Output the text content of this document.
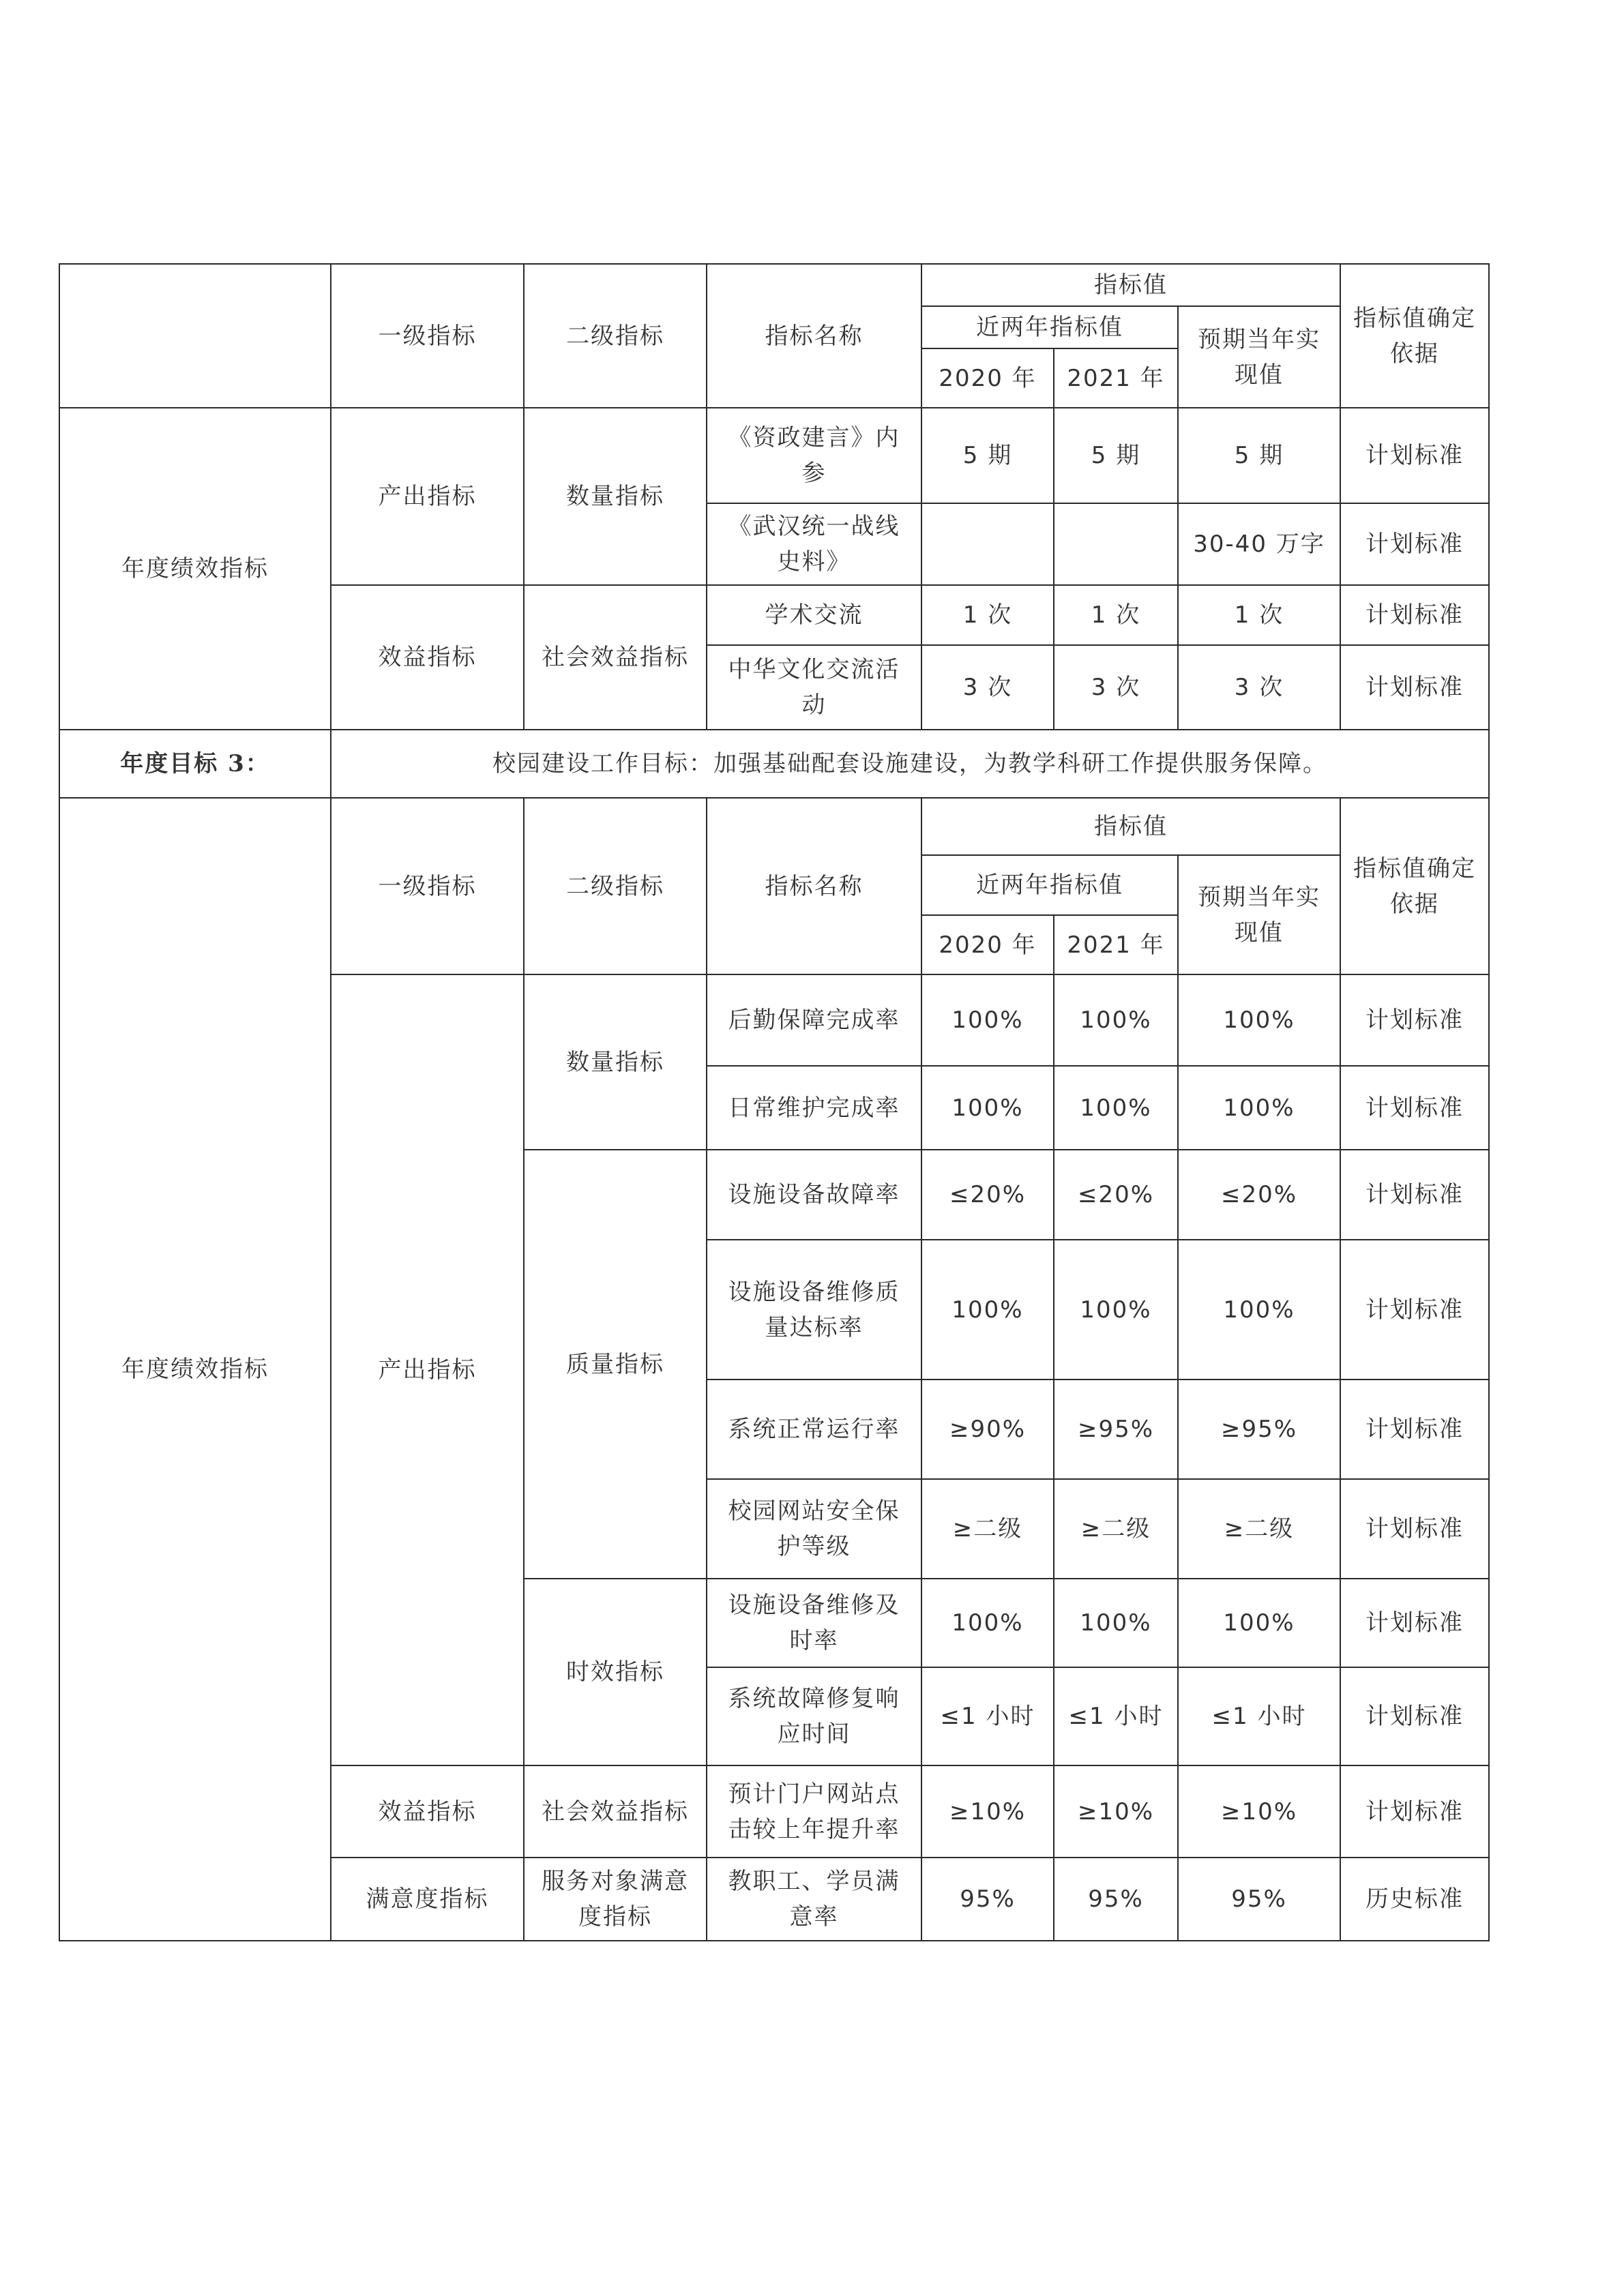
	一级指标	二级指标	指标名称	指标值			指标值确定依据
				近两年指标值		预期当年实现值	
				2020 年	2021 年		
年度绩效指标	产出指标	数量指标	《资政建言》内参	5 期	5 期	5 期	计划标准
			《武汉统一战线史料》			30-40 万字	计划标准
	效益指标	社会效益指标	学术交流	1 次	1 次	1 次	计划标准
			中华文化交流活动	3 次	3 次	3 次	计划标准
年度目标 3：	校园建设工作目标：加强基础配套设施建设，为教学科研工作提供服务保障。						
年度绩效指标	一级指标	二级指标	指标名称	指标值			指标值确定依据
				近两年指标值		预期当年实现值	
				2020 年	2021 年		
	产出指标	数量指标	后勤保障完成率	100%	100%	100%	计划标准
			日常维护完成率	100%	100%	100%	计划标准
		质量指标	设施设备故障率	≤20%	≤20%	≤20%	计划标准
			设施设备维修质量达标率	100%	100%	100%	计划标准
			系统正常运行率	≥90%	≥95%	≥95%	计划标准
			校园网站安全保护等级	≥二级	≥二级	≥二级	计划标准
		时效指标	设施设备维修及时率	100%	100%	100%	计划标准
			系统故障修复响应时间	≤1 小时	≤1 小时	≤1 小时	计划标准
	效益指标	社会效益指标	预计门户网站点击较上年提升率	≥10%	≥10%	≥10%	计划标准
	满意度指标	服务对象满意度指标	教职工、学员满意率	95%	95%	95%	历史标准
